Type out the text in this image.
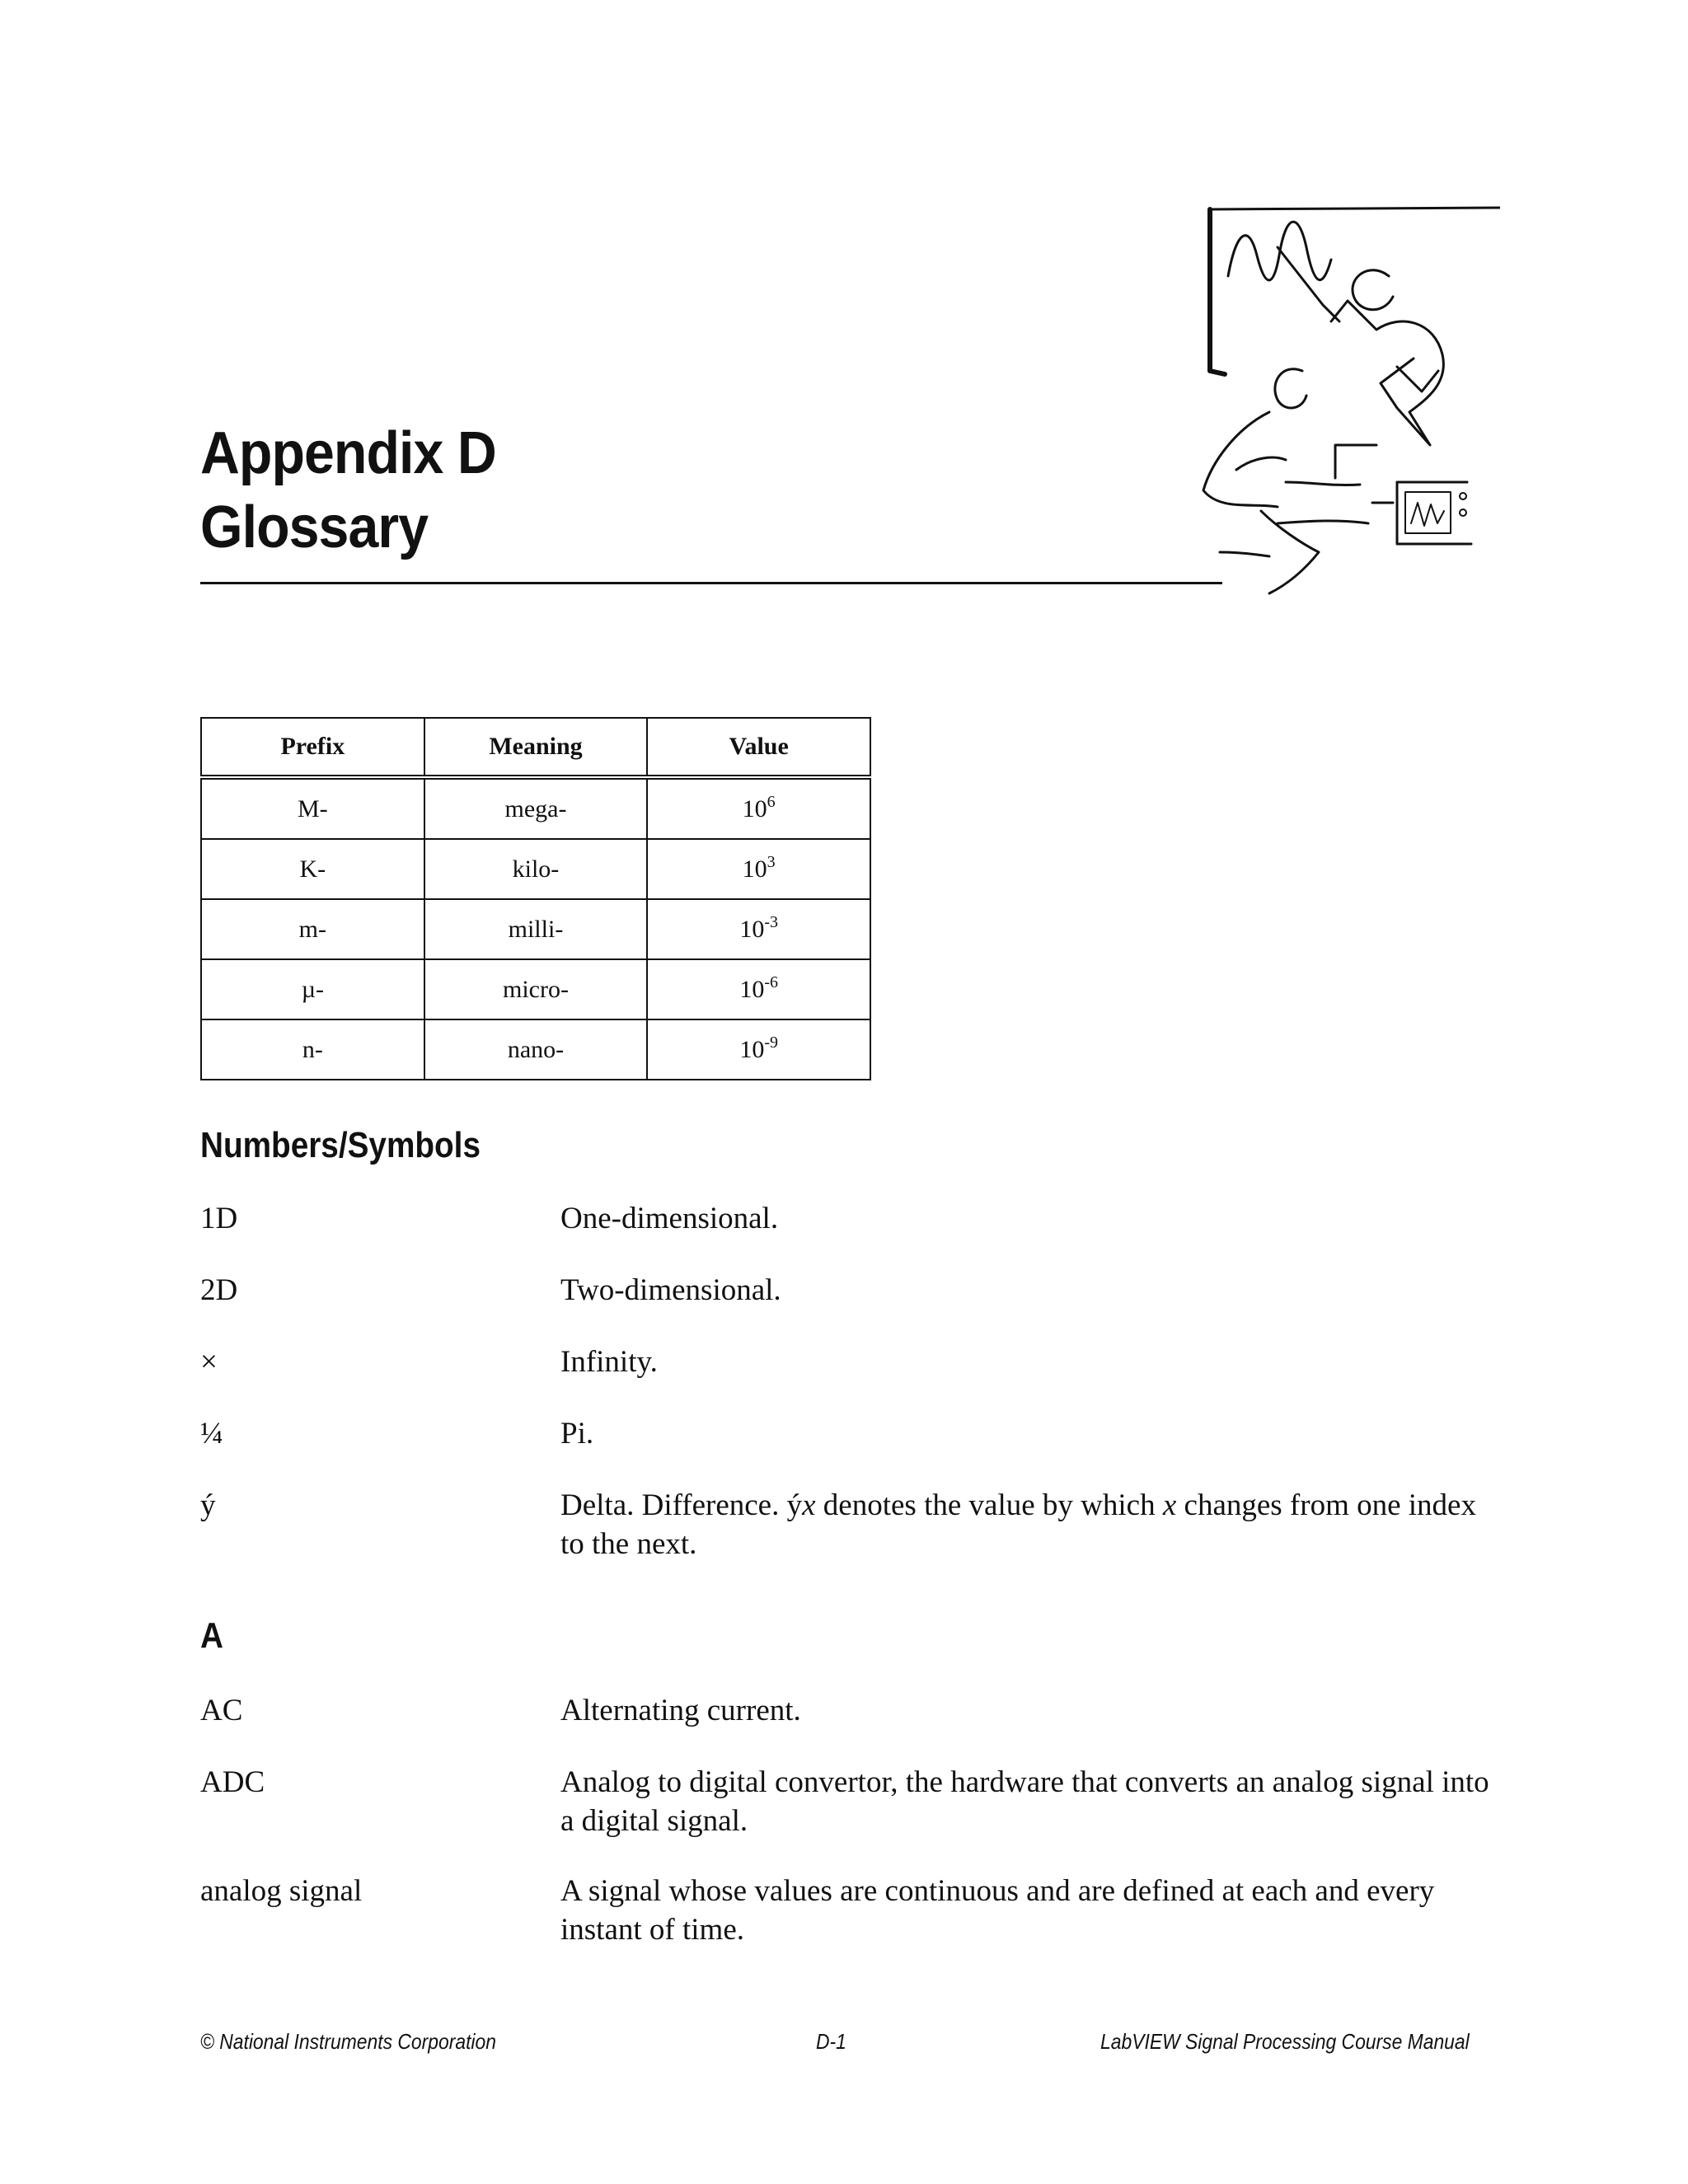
Appendix D
Glossary
Prefix	Meaning	Value
M-	mega-	$10^6$
K-	kilo-	$10^3$
m-	milli-	$10^{-3}$
µ-	micro-	$10^{-6}$
n-	nano-	$10^{-9}$
Numbers/Symbols
1D	One-dimensional.
2D	Two-dimensional.
×	Infinity.
¼	Pi.
ý	Delta. Difference. ýx denotes the value by which x changes from one index to the next.
A
AC	Alternating current.
ADC	Analog to digital convertor, the hardware that converts an analog signal into a digital signal.
analog signal	A signal whose values are continuous and are defined at each and every instant of time.
© National Instruments Corporation	D-1	LabVIEW Signal Processing Course Manual
